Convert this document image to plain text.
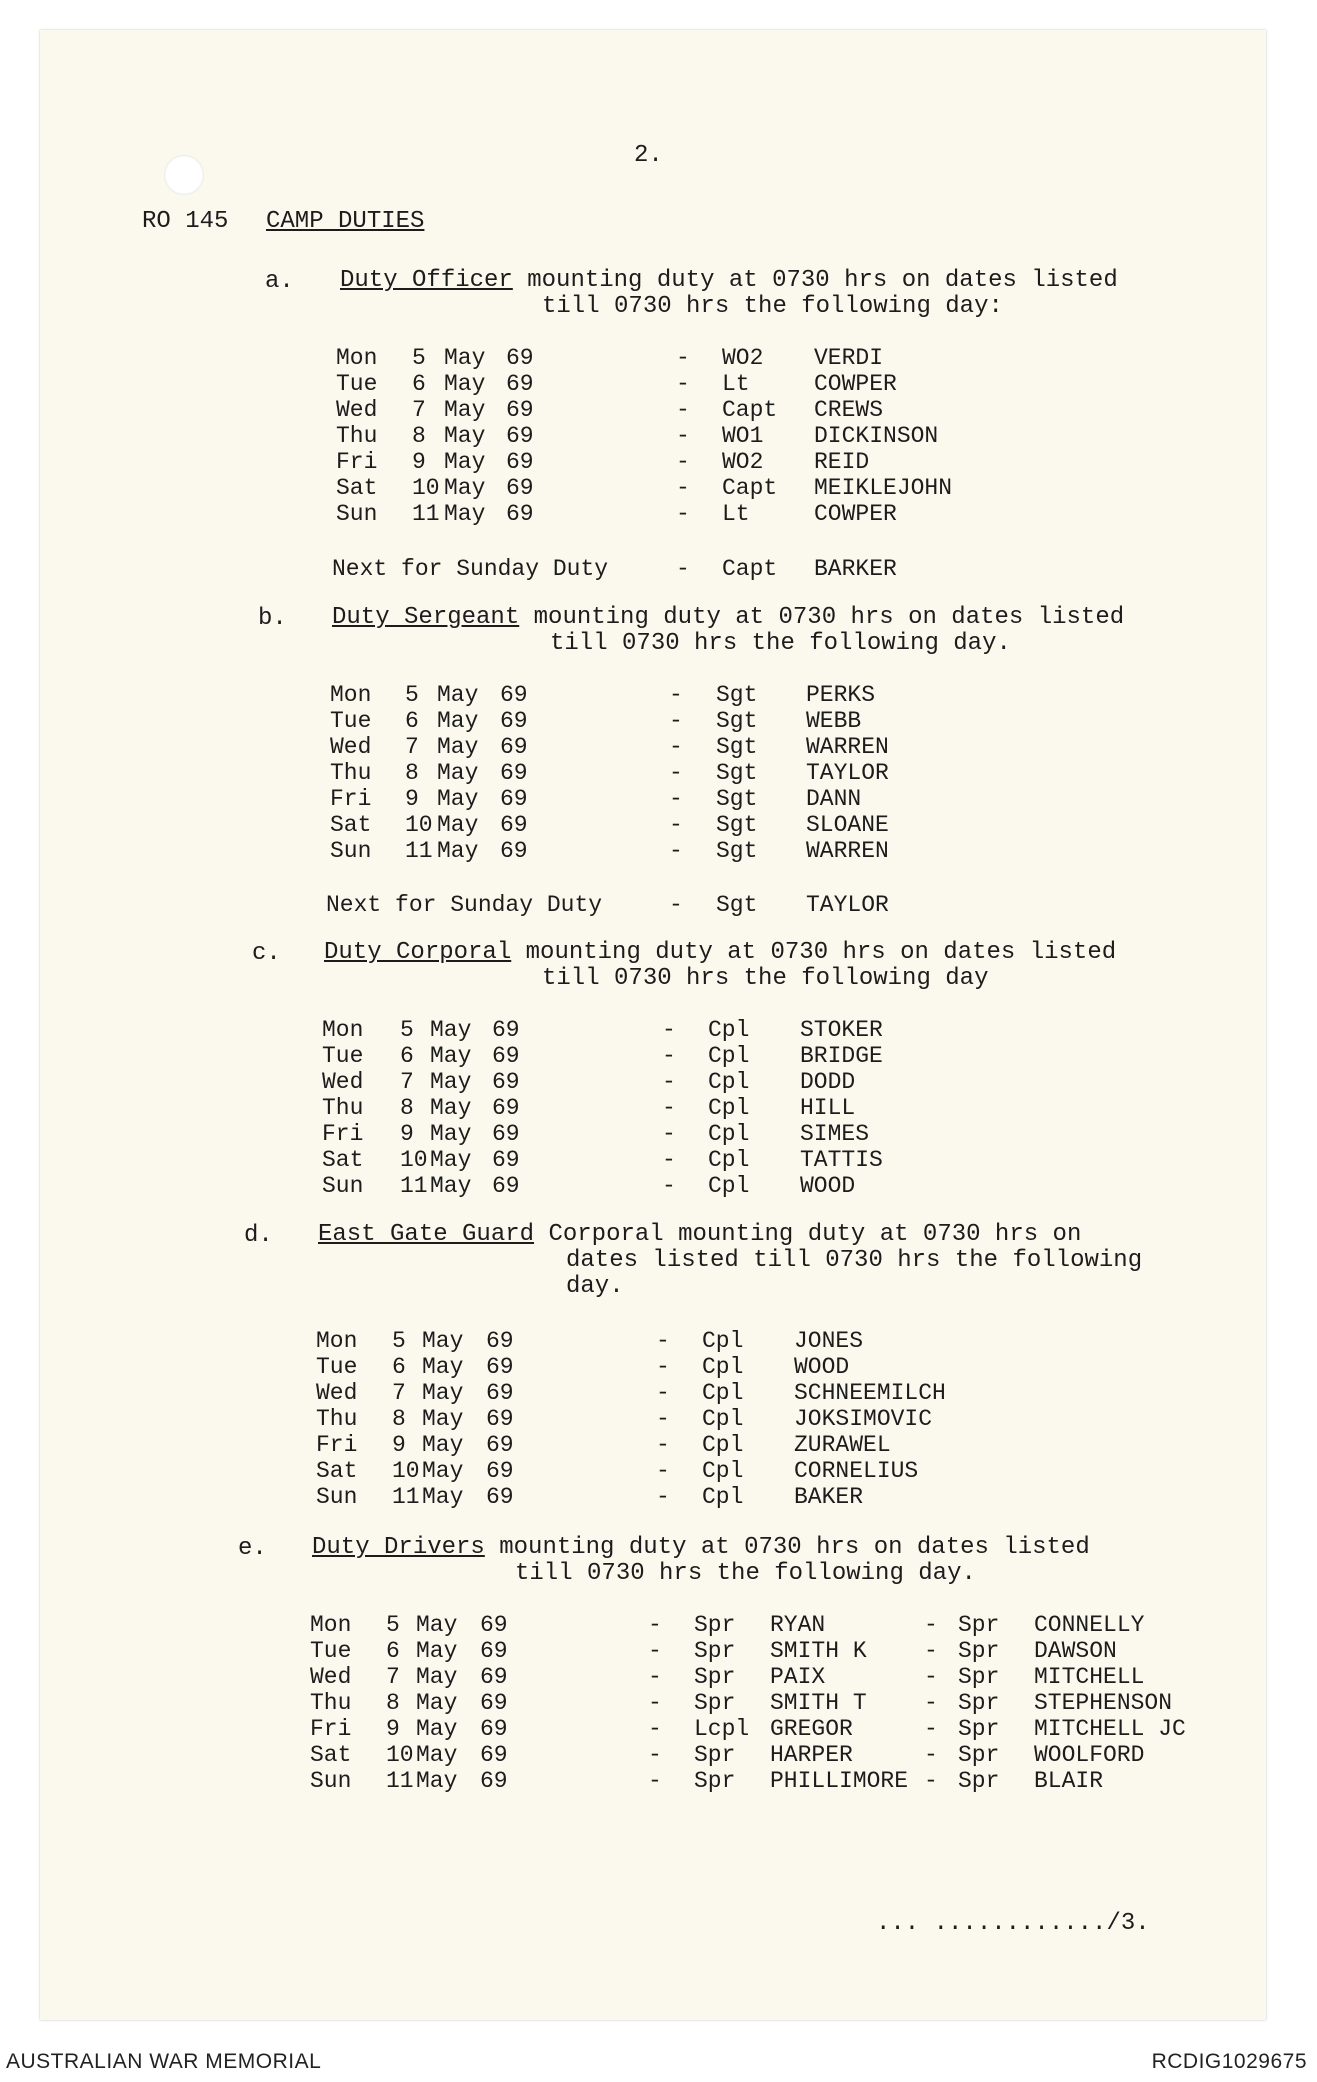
2.
RO 145 CAMP DUTIES
a. Duty Officer mounting duty at 0730 hrs on dates listed
till 0730 hrs the following day:
Mon 5 May 69	- WO2 VERDI
Tue 6 May 69	- Lt	COWPER
Wed 7 May 69	- Capt CREWS
Thu 8 May 69	- WO1 DICKINSON
Fri 9 May 69	- WO2 REID
Sat 10 May 69	- Capt MEIKLEJOHN
Sun 11 May 69	- Lt	COWPER
Next for Sunday Duty	- Capt BARKER
b. Duty Sergeant mounting duty at 0730 hrs on dates listed
till 0730 hrs the following day.
Mon 5 May 69	- Sgt PERKS
Tue 6 May 69	- Sgt WEBB
Wed 7 May 69	- Sgt WARREN
Thu 8 May 69	- Sgt TAYLOR
Fri 9 May 69	- Sgt DANN
Sat 10 May 69	- Sgt SLOANE
Sun 11 May 69	- Sgt WARREN
Next for Sunday Duty	- Sgt TAYLOR
c. Duty Corporal mounting duty at 0730 hrs on dates listed
till 0730 hrs the following day
Mon 5 May 69	- Cpl STOKER
Tue 6 May 69	- Cpl BRIDGE
Wed 7 May 69	- Cpl DODD
Thu 8 May 69	- Cpl HILL
Fri 9 May 69	- Cpl SIMES
Sat 10 May 69	- Cpl TATTIS
Sun 11 May 69	- Cpl WOOD
d. East Gate Guard Corporal mounting duty at 0730 hrs on
dates listed till 0730 hrs the following
day.
Mon 5 May 69	- Cpl JONES
Tue 6 May 69	- Cpl WOOD
Wed 7 May 69	- Cpl SCHNEEMILCH
Thu 8 May 69	- Cpl JOKSIMOVIC
Fri 9 May 69	- Cpl ZURAWEL
Sat 10 May 69	- Cpl CORNELIUS
Sun 11 May 69	- Cpl BAKER
e. Duty Drivers mounting duty at 0730 hrs on dates listed
till 0730 hrs the following day.
Mon 5 May 69	- Spr RYAN	- Spr CONNELLY
Tue 6 May 69	- Spr SMITH K - Spr DAWSON
Wed 7 May 69	- Spr PAIX	- Spr MITCHELL
Thu 8 May 69	- Spr SMITH T - Spr STEPHENSON
Fri 9 May 69	- Lcpl GREGOR	- Spr MITCHELL JC
Sat 10 May 69	- Spr HARPER	- Spr WOOLFORD
Sun 11 May 69	- Spr PHILLIMORE - Spr BLAIR
... ............/3.
AUSTRALIAN WAR MEMORIAL	RCDIG1029675
